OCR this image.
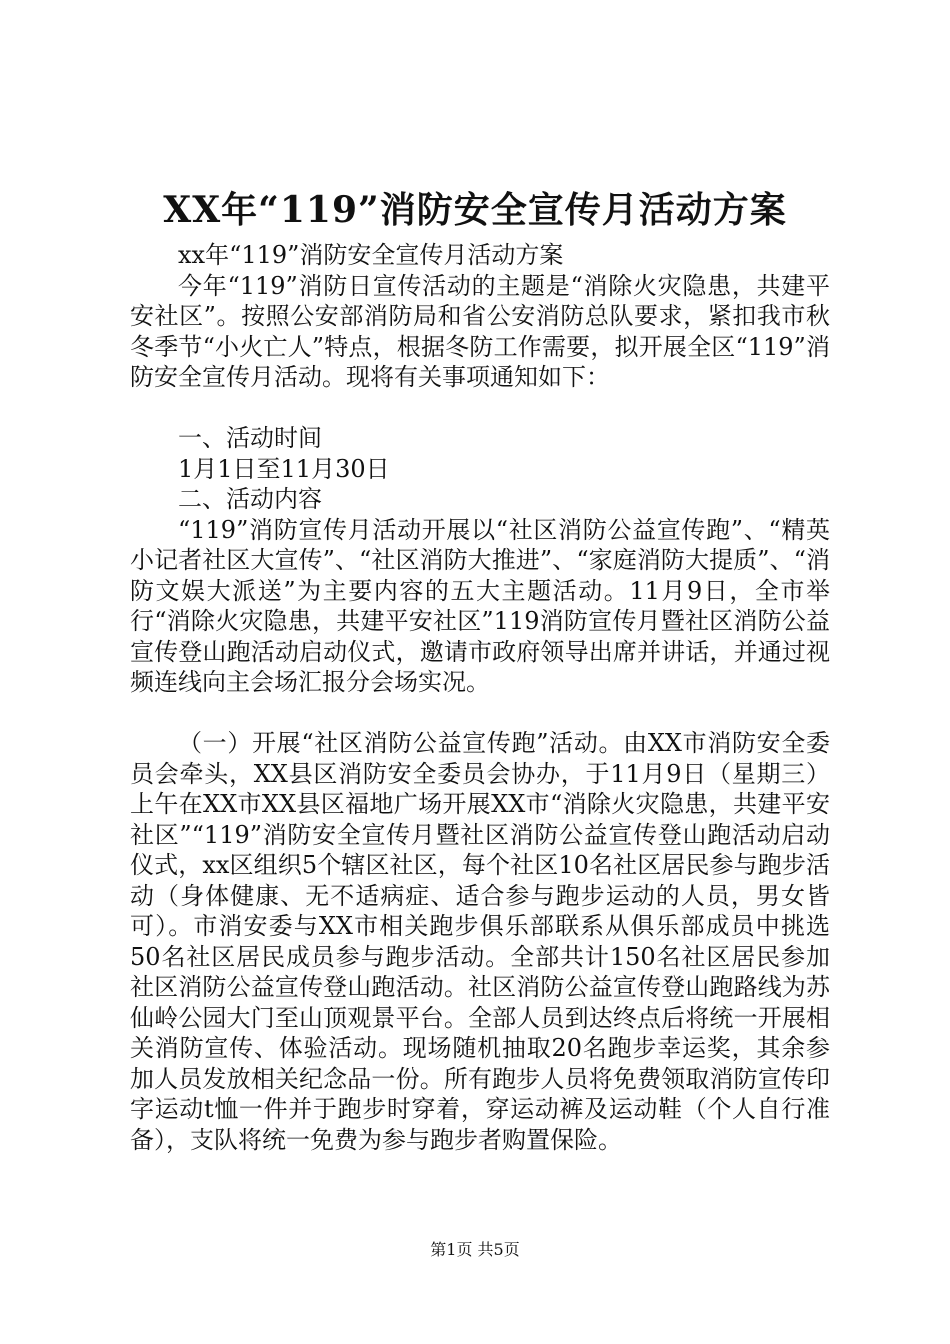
XX年“119”消防安全宣传月活动方案

xx年“119”消防安全宣传月活动方案

今年“119”消防日宣传活动的主题是“消除火灾隐患，共建平安社区”。按照公安部消防局和省公安消防总队要求，紧扣我市秋冬季节“小火亡人”特点，根据冬防工作需要，拟开展全区“119”消防安全宣传月活动。现将有关事项通知如下：

一、活动时间

1月1日至11月30日

二、活动内容

“119”消防宣传月活动开展以“社区消防公益宣传跑”、“精英小记者社区大宣传”、“社区消防大推进”、“家庭消防大提质”、“消防文娱大派送”为主要内容的五大主题活动。11月9日，全市举行“消除火灾隐患，共建平安社区”119消防宣传月暨社区消防公益宣传登山跑活动启动仪式，邀请市政府领导出席并讲话，并通过视频连线向主会场汇报分会场实况。

（一）开展“社区消防公益宣传跑”活动。由XX市消防安全委员会牵头，XX县区消防安全委员会协办，于11月9日（星期三）上午在XX市XX县区福地广场开展XX市“消除火灾隐患，共建平安社区”“119”消防安全宣传月暨社区消防公益宣传登山跑活动启动仪式，xx区组织5个辖区社区，每个社区10名社区居民参与跑步活动（身体健康、无不适病症、适合参与跑步运动的人员，男女皆可）。市消安委与XX市相关跑步俱乐部联系从俱乐部成员中挑选50名社区居民成员参与跑步活动。全部共计150名社区居民参加社区消防公益宣传登山跑活动。社区消防公益宣传登山跑路线为苏仙岭公园大门至山顶观景平台。全部人员到达终点后将统一开展相关消防宣传、体验活动。现场随机抽取20名跑步幸运奖，其余参加人员发放相关纪念品一份。所有跑步人员将免费领取消防宣传印字运动t恤一件并于跑步时穿着，穿运动裤及运动鞋（个人自行准备），支队将统一免费为参与跑步者购置保险。

第1页 共5页
